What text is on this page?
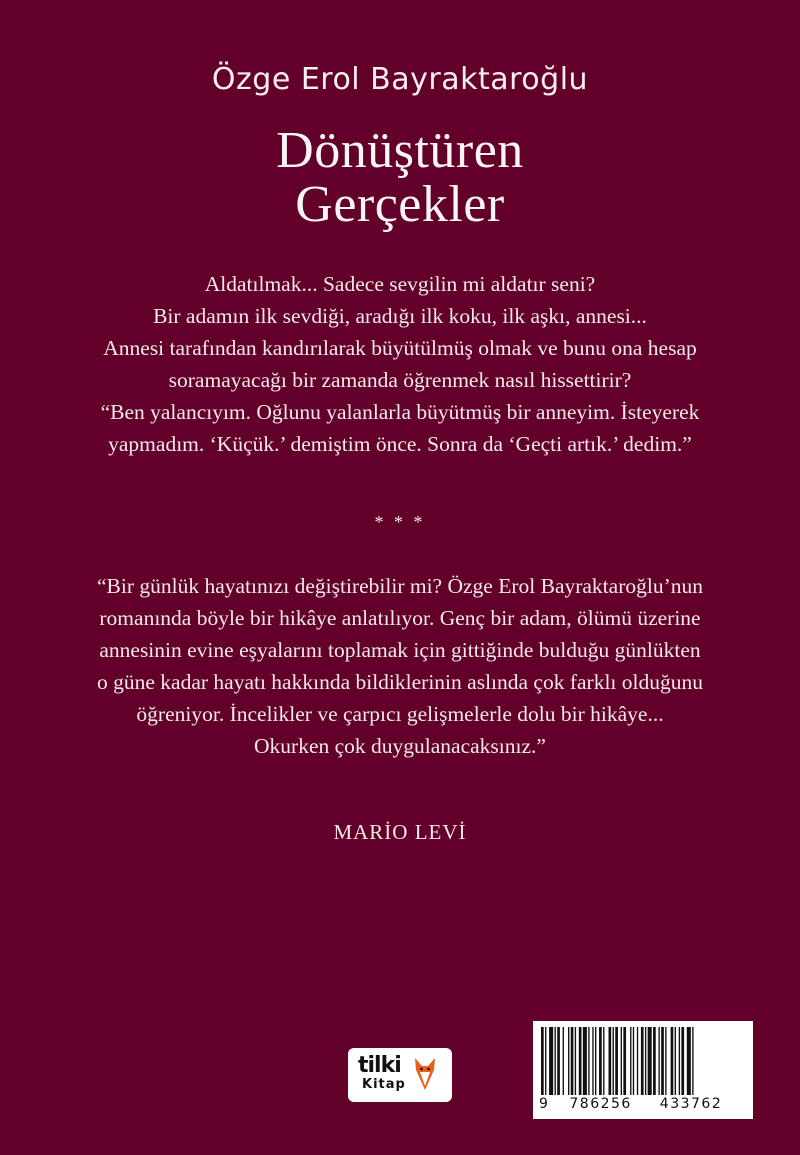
Özge Erol Bayraktaroğlu
Dönüştüren
Gerçekler
Aldatılmak... Sadece sevgilin mi aldatır seni?
Bir adamın ilk sevdiği, aradığı ilk koku, ilk aşkı, annesi...
Annesi tarafından kandırılarak büyütülmüş olmak ve bunu ona hesap
soramayacağı bir zamanda öğrenmek nasıl hissettirir?
“Ben yalancıyım. Oğlunu yalanlarla büyütmüş bir anneyim. İsteyerek
yapmadım. ‘Küçük.’ demiştim önce. Sonra da ‘Geçti artık.’ dedim.”
* * *
“Bir günlük hayatınızı değiştirebilir mi? Özge Erol Bayraktaroğlu’nun
romanında böyle bir hikâye anlatılıyor. Genç bir adam, ölümü üzerine
annesinin evine eşyalarını toplamak için gittiğinde bulduğu günlükten
o güne kadar hayatı hakkında bildiklerinin aslında çok farklı olduğunu
öğreniyor. İncelikler ve çarpıcı gelişmelerle dolu bir hikâye...
Okurken çok duygulanacaksınız.”
MARİO LEVİ
tilki
Kitap
9 786256 433762
